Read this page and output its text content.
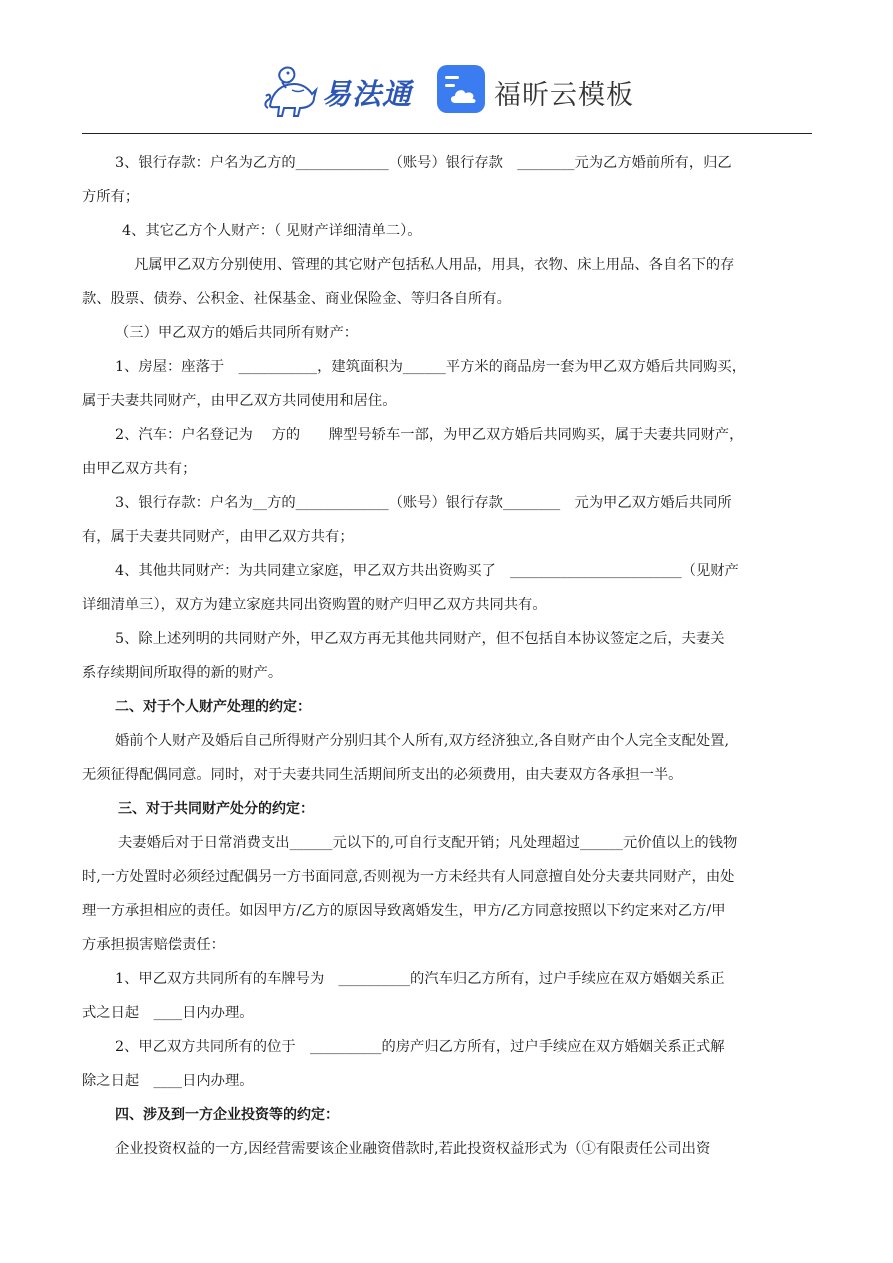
易法通	福昕云模板
3、银行存款：户名为乙方的_____________（账号）银行存款　________元为乙方婚前所有，归乙
方所有；
4、其它乙方个人财产：（ 见财产详细清单二）。
凡属甲乙双方分别使用、管理的其它财产包括私人用品，用具，衣物、床上用品、各自名下的存
款、股票、债券、公积金、社保基金、商业保险金、等归各自所有。
（三）甲乙双方的婚后共同所有财产：
1、房屋：座落于　___________，建筑面积为______平方米的商品房一套为甲乙双方婚后共同购买，
属于夫妻共同财产，由甲乙双方共同使用和居住。
2、汽车：户名登记为　 方的　　牌型号轿车一部，为甲乙双方婚后共同购买，属于夫妻共同财产，
由甲乙双方共有；
3、银行存款：户名为__方的_____________（账号）银行存款________　元为甲乙双方婚后共同所
有，属于夫妻共同财产，由甲乙双方共有；
4、其他共同财产：为共同建立家庭，甲乙双方共出资购买了　________________________（见财产
详细清单三），双方为建立家庭共同出资购置的财产归甲乙双方共同共有。
5、除上述列明的共同财产外，甲乙双方再无其他共同财产，但不包括自本协议签定之后，夫妻关
系存续期间所取得的新的财产。
二、对于个人财产处理的约定：
婚前个人财产及婚后自己所得财产分别归其个人所有,双方经济独立,各自财产由个人完全支配处置,
无须征得配偶同意。同时，对于夫妻共同生活期间所支出的必须费用，由夫妻双方各承担一半。
三、对于共同财产处分的约定：
夫妻婚后对于日常消费支出______元以下的,可自行支配开销；凡处理超过______元价值以上的钱物
时,一方处置时必须经过配偶另一方书面同意,否则视为一方未经共有人同意擅自处分夫妻共同财产，由处
理一方承担相应的责任。如因甲方/乙方的原因导致离婚发生，甲方/乙方同意按照以下约定来对乙方/甲
方承担损害赔偿责任：
1、甲乙双方共同所有的车牌号为　__________的汽车归乙方所有，过户手续应在双方婚姻关系正
式之日起　____日内办理。
2、甲乙双方共同所有的位于　__________的房产归乙方所有，过户手续应在双方婚姻关系正式解
除之日起　____日内办理。
四、涉及到一方企业投资等的约定：
企业投资权益的一方,因经营需要该企业融资借款时,若此投资权益形式为（①有限责任公司出资
